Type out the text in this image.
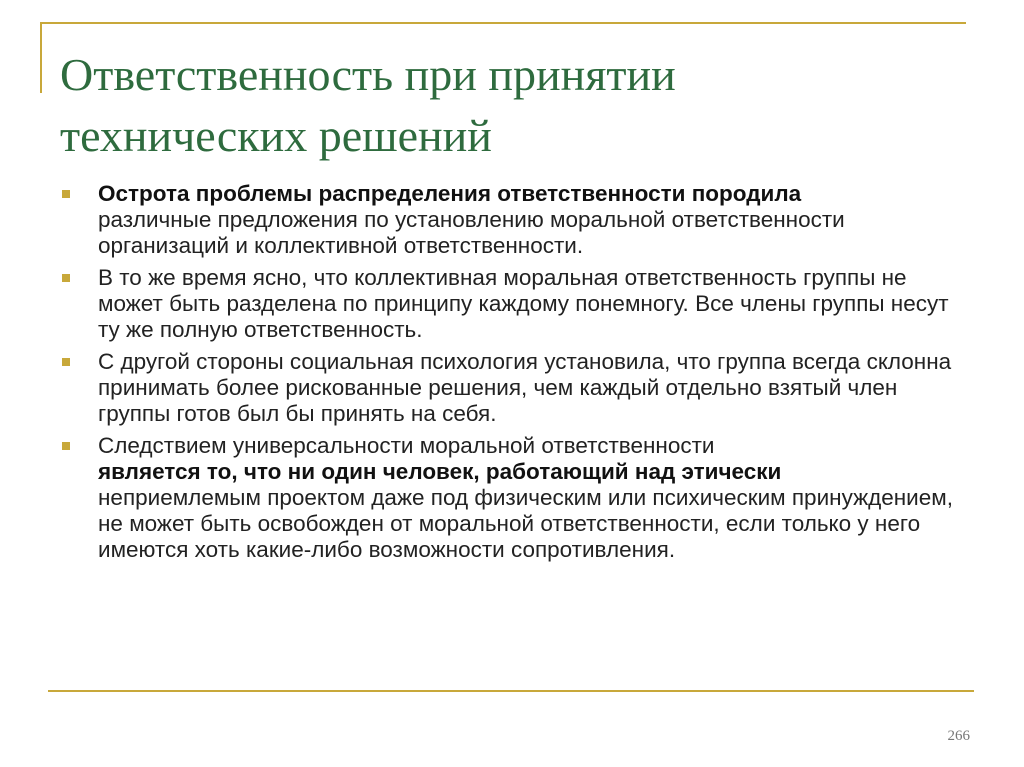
Ответственность при принятии
технических решений
Острота проблемы распределения ответственности породила
различные предложения по установлению моральной ответственности организаций и коллективной ответственности.
В то же время ясно, что коллективная моральная ответственность группы не может быть разделена по принципу каждому понемногу. Все члены группы несут ту же полную ответственность.
С другой стороны социальная психология установила, что группа всегда склонна принимать более рискованные решения, чем каждый отдельно взятый член группы готов был бы принять на себя.
Следствием универсальности моральной ответственности
является то, что ни один человек, работающий над этически
неприемлемым проектом даже под физическим или психическим принуждением, не может быть освобожден от моральной ответственности, если только у него имеются хоть какие-либо возможности сопротивления.
266
